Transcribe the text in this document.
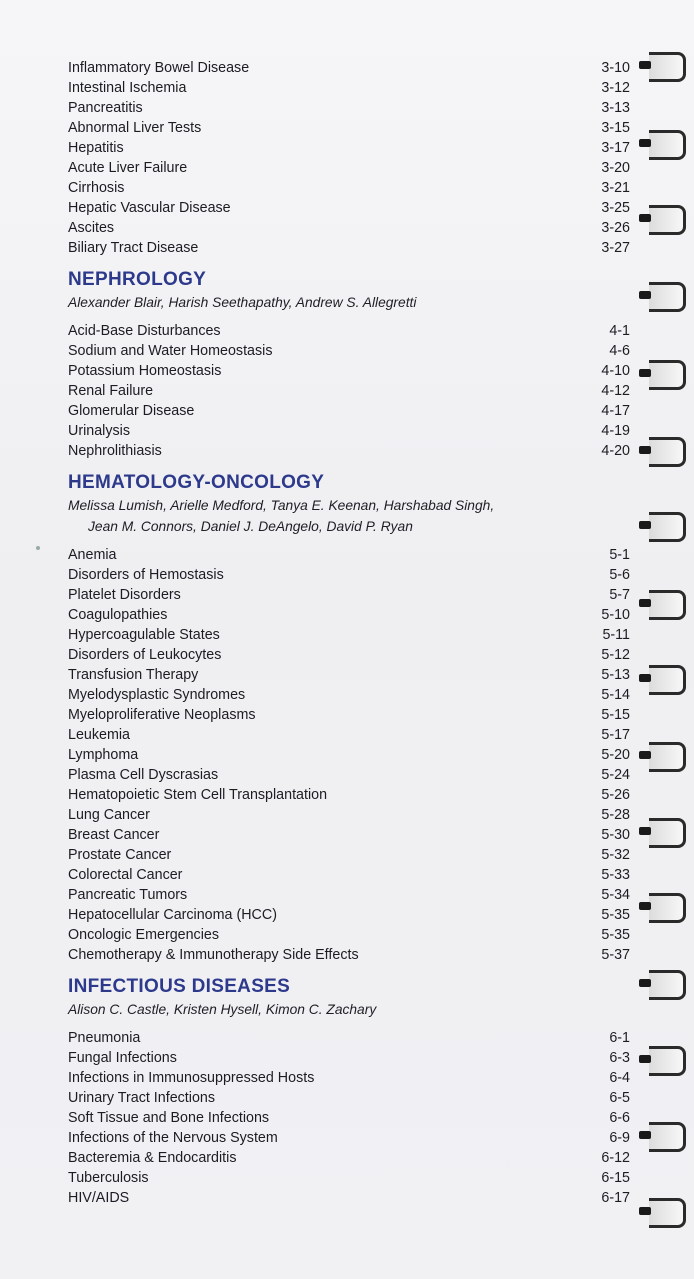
Inflammatory Bowel Disease	3-10
Intestinal Ischemia	3-12
Pancreatitis	3-13
Abnormal Liver Tests	3-15
Hepatitis	3-17
Acute Liver Failure	3-20
Cirrhosis	3-21
Hepatic Vascular Disease	3-25
Ascites	3-26
Biliary Tract Disease	3-27
NEPHROLOGY
Alexander Blair, Harish Seethapathy, Andrew S. Allegretti
Acid-Base Disturbances	4-1
Sodium and Water Homeostasis	4-6
Potassium Homeostasis	4-10
Renal Failure	4-12
Glomerular Disease	4-17
Urinalysis	4-19
Nephrolithiasis	4-20
HEMATOLOGY-ONCOLOGY
Melissa Lumish, Arielle Medford, Tanya E. Keenan, Harshabad Singh,
Jean M. Connors, Daniel J. DeAngelo, David P. Ryan
Anemia	5-1
Disorders of Hemostasis	5-6
Platelet Disorders	5-7
Coagulopathies	5-10
Hypercoagulable States	5-11
Disorders of Leukocytes	5-12
Transfusion Therapy	5-13
Myelodysplastic Syndromes	5-14
Myeloproliferative Neoplasms	5-15
Leukemia	5-17
Lymphoma	5-20
Plasma Cell Dyscrasias	5-24
Hematopoietic Stem Cell Transplantation	5-26
Lung Cancer	5-28
Breast Cancer	5-30
Prostate Cancer	5-32
Colorectal Cancer	5-33
Pancreatic Tumors	5-34
Hepatocellular Carcinoma (HCC)	5-35
Oncologic Emergencies	5-35
Chemotherapy & Immunotherapy Side Effects	5-37
INFECTIOUS DISEASES
Alison C. Castle, Kristen Hysell, Kimon C. Zachary
Pneumonia	6-1
Fungal Infections	6-3
Infections in Immunosuppressed Hosts	6-4
Urinary Tract Infections	6-5
Soft Tissue and Bone Infections	6-6
Infections of the Nervous System	6-9
Bacteremia & Endocarditis	6-12
Tuberculosis	6-15
HIV/AIDS	6-17
